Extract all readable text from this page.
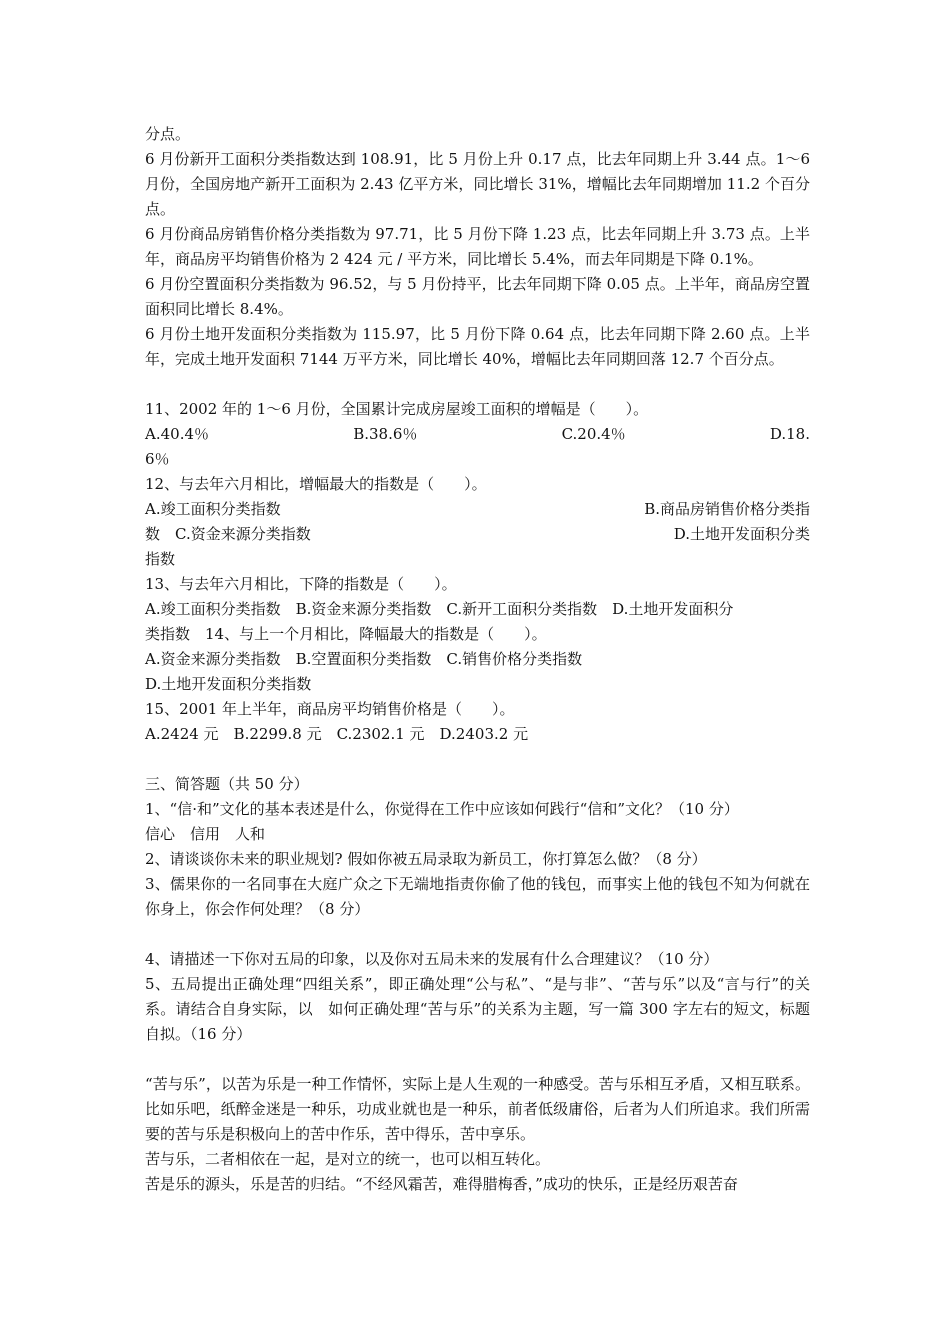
分点。

6 月份新开工面积分类指数达到 108.91，比 5 月份上升 0.17 点，比去年同期上升 3.44 点。1～6 月份，全国房地产新开工面积为 2.43 亿平方米，同比增长 31%，增幅比去年同期增加 11.2 个百分点。

6 月份商品房销售价格分类指数为 97.71，比 5 月份下降 1.23 点，比去年同期上升 3.73 点。上半年，商品房平均销售价格为 2 424 元 / 平方米，同比增长 5.4%，而去年同期是下降 0.1%。

6 月份空置面积分类指数为 96.52，与 5 月份持平，比去年同期下降 0.05 点。上半年，商品房空置面积同比增长 8.4%。

6 月份土地开发面积分类指数为 115.97，比 5 月份下降 0.64 点，比去年同期下降 2.60 点。上半年，完成土地开发面积 7144 万平方米，同比增长 40%，增幅比去年同期回落 12.7 个百分点。

11、2002 年的 1～6 月份，全国累计完成房屋竣工面积的增幅是（　　）。

A.40.4％	B.38.6％	C.20.4％	D.18.

6％

12、与去年六月相比，增幅最大的指数是（　　）。

A.竣工面积分类指数	B.商品房销售价格分类指
数　C.资金来源分类指数	D.土地开发面积分类

指数

13、与去年六月相比，下降的指数是（　　）。

A.竣工面积分类指数　B.资金来源分类指数　C.新开工面积分类指数　D.土地开发面积分

类指数　14、与上一个月相比，降幅最大的指数是（　　）。

A.资金来源分类指数　B.空置面积分类指数　C.销售价格分类指数

D.土地开发面积分类指数

15、2001 年上半年，商品房平均销售价格是（　　）。

A.2424 元　B.2299.8 元　C.2302.1 元　D.2403.2 元

三、简答题（共 50 分）

1、“信·和”文化的基本表述是什么，你觉得在工作中应该如何践行“信和”文化？（10 分）

信心　信用　人和

2、请谈谈你未来的职业规划? 假如你被五局录取为新员工，你打算怎么做？（8 分）

3、儒果你的一名同事在大庭广众之下无端地指责你偷了他的钱包，而事实上他的钱包不知为何就在你身上，你会作何处理？（8 分）

4、请描述一下你对五局的印象，以及你对五局未来的发展有什么合理建议？（10 分）

5、五局提出正确处理“四组关系”，即正确处理“公与私”、“是与非”、“苦与乐”以及“言与行”的关系。请结合自身实际，以　如何正确处理“苦与乐”的关系为主题，写一篇 300 字左右的短文，标题自拟。（16 分）

“苦与乐”，以苦为乐是一种工作情怀，实际上是人生观的一种感受。苦与乐相互矛盾，又相互联系。比如乐吧，纸醉金迷是一种乐，功成业就也是一种乐，前者低级庸俗，后者为人们所追求。我们所需要的苦与乐是积极向上的苦中作乐，苦中得乐，苦中享乐。

苦与乐，二者相依在一起，是对立的统一，也可以相互转化。

苦是乐的源头，乐是苦的归结。“不经风霜苦，难得腊梅香，”成功的快乐，正是经历艰苦奋
